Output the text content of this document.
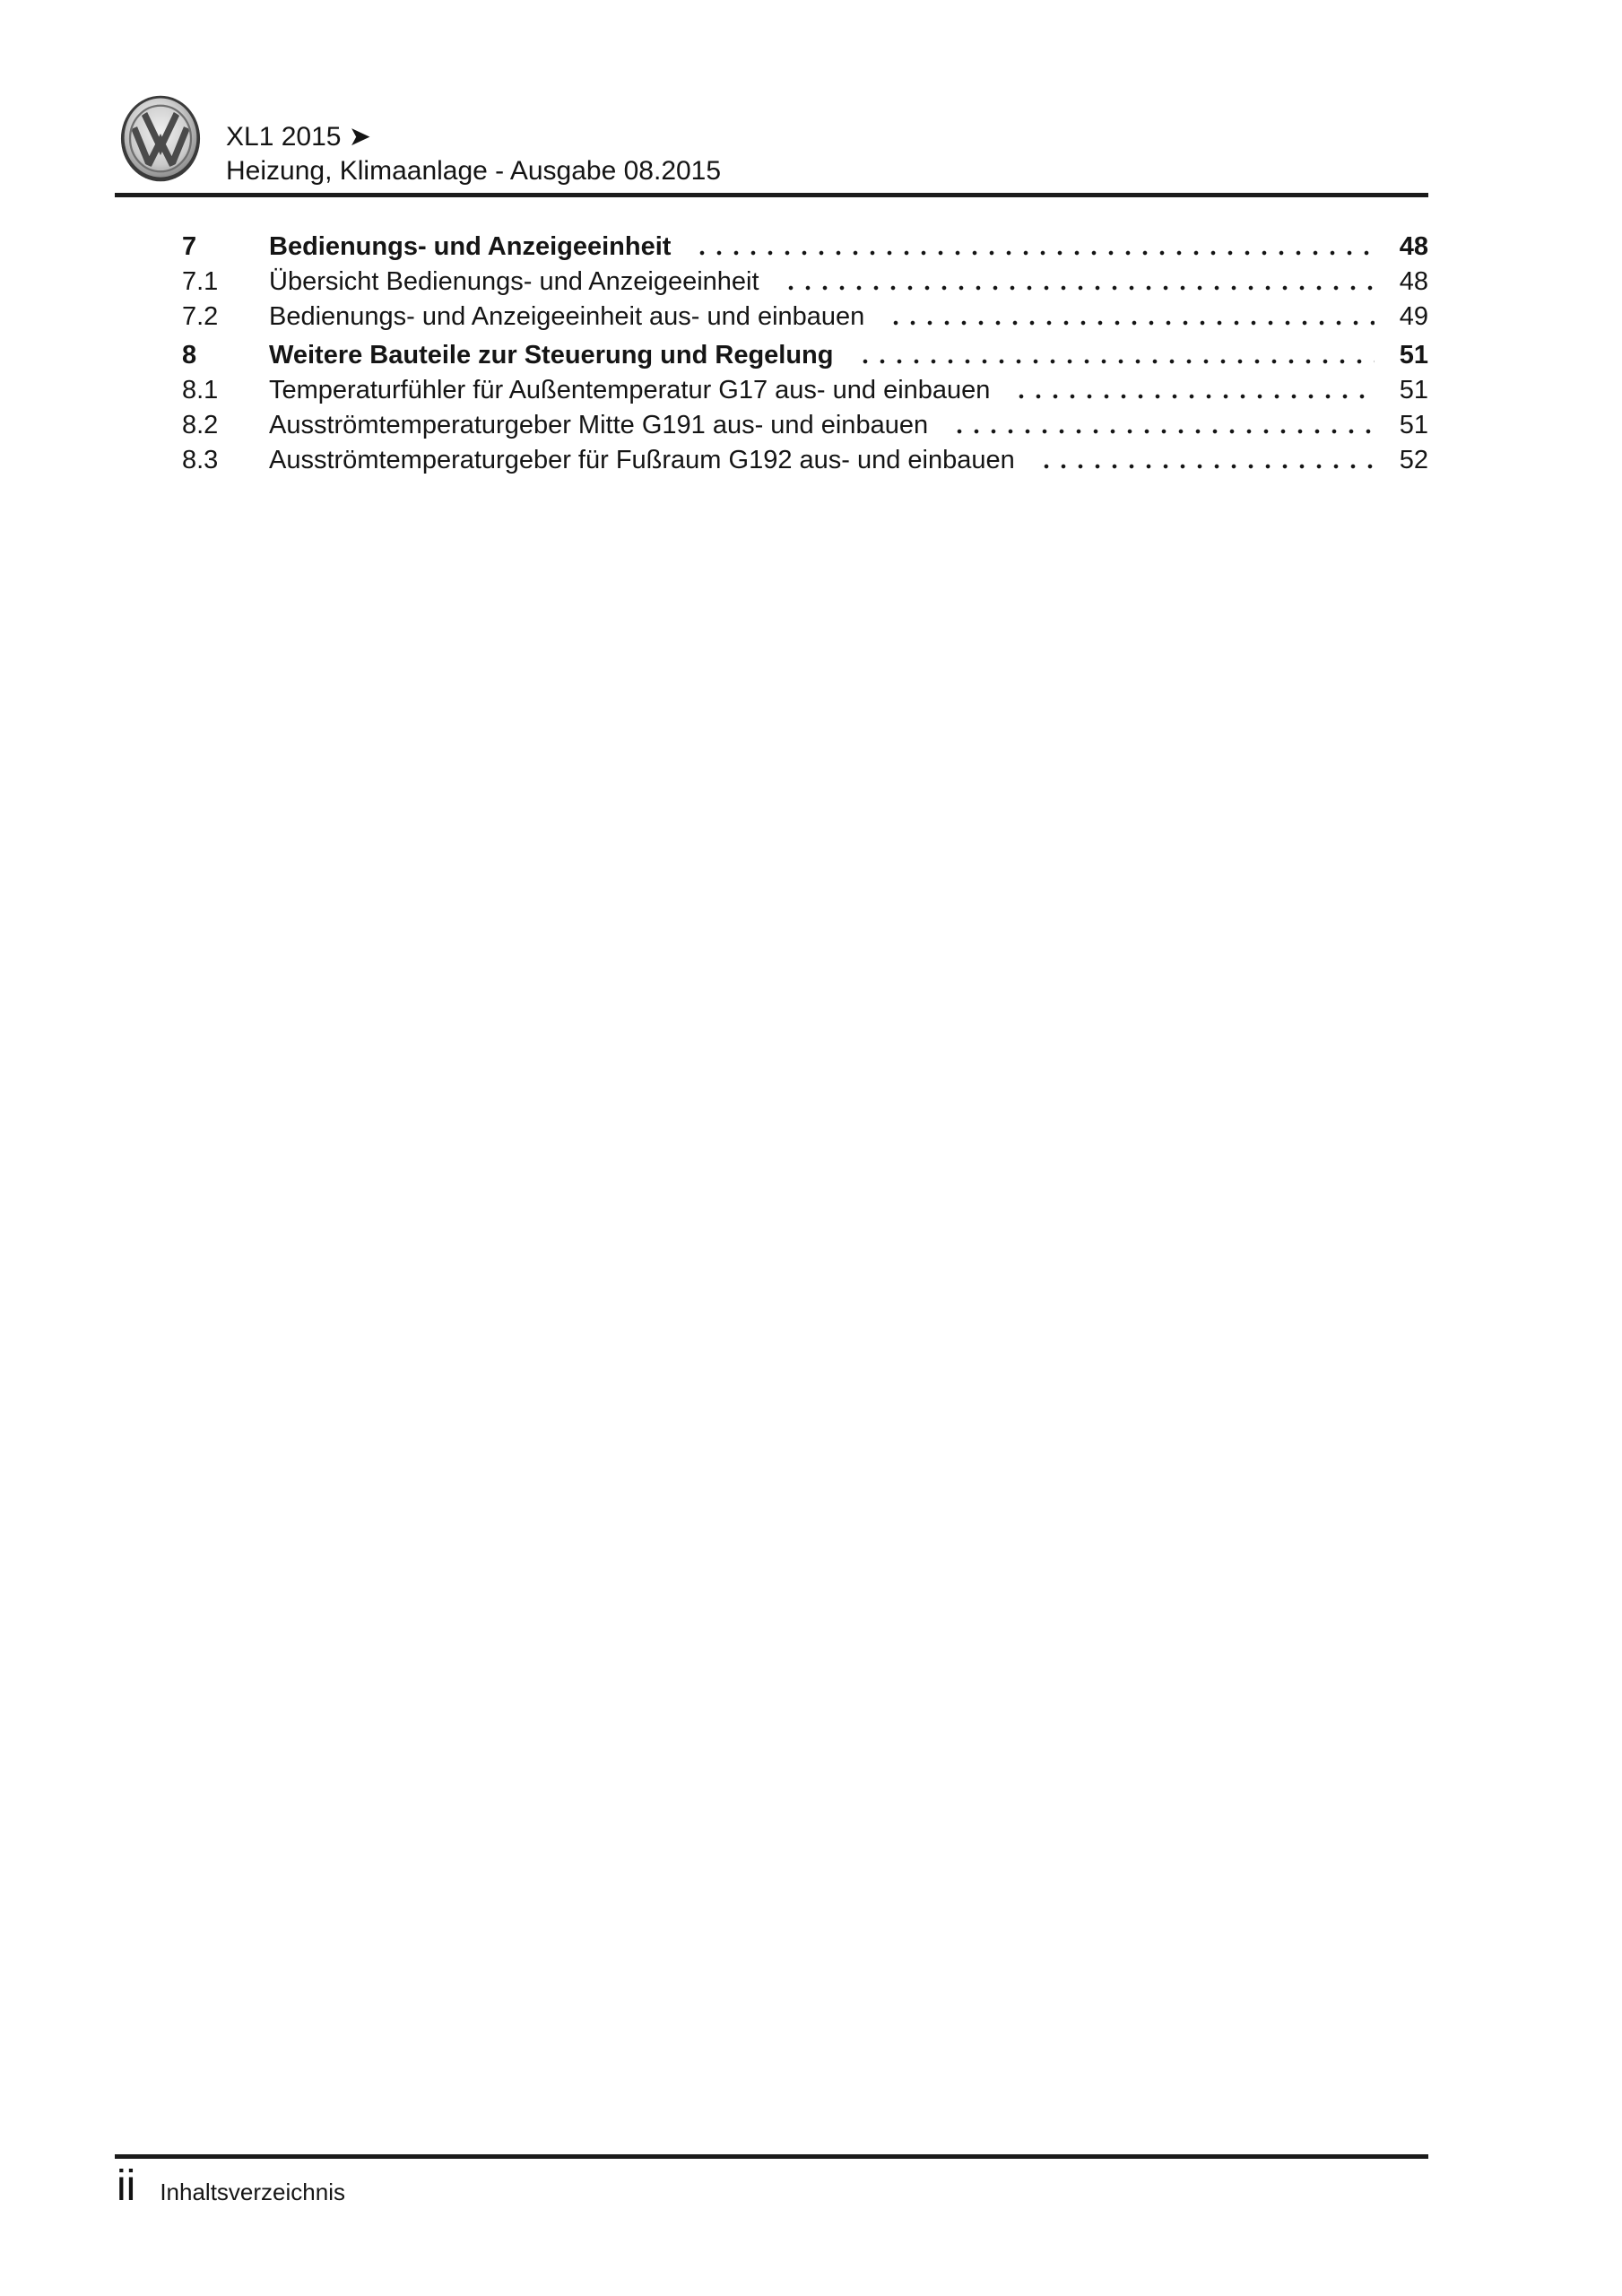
XL1 2015 ➤
Heizung, Klimaanlage - Ausgabe 08.2015
7	Bedienungs- und Anzeigeeinheit	48
7.1	Übersicht Bedienungs- und Anzeigeeinheit	48
7.2	Bedienungs- und Anzeigeeinheit aus- und einbauen	49
8	Weitere Bauteile zur Steuerung und Regelung	51
8.1	Temperaturfühler für Außentemperatur G17 aus- und einbauen	51
8.2	Ausströmtemperaturgeber Mitte G191 aus- und einbauen	51
8.3	Ausströmtemperaturgeber für Fußraum G192 aus- und einbauen	52
ii Inhaltsverzeichnis
